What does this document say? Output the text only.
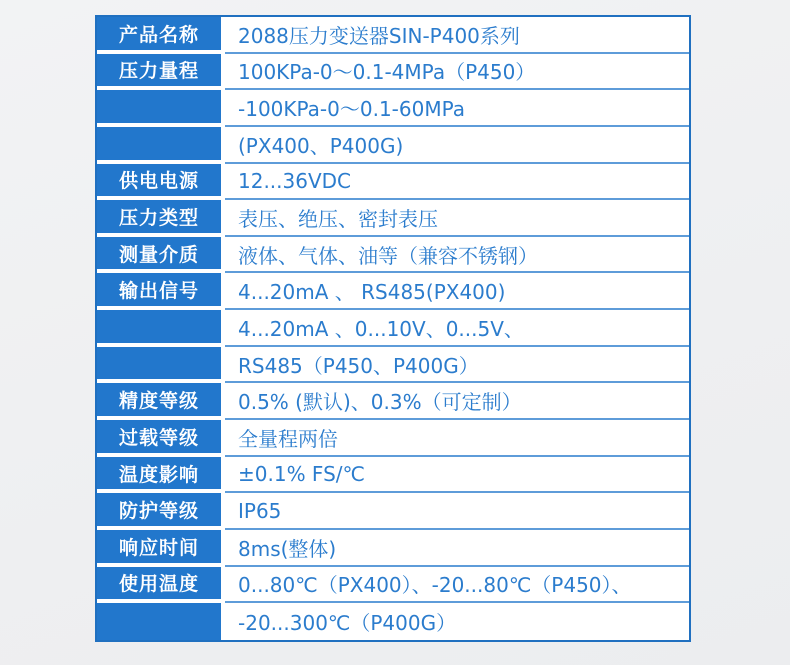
产品名称	2088压力变送器SIN-P400系列
压力量程	100KPa-0～0.1-4MPa（P450）
-100KPa-0～0.1-60MPa
(PX400、P400G)
供电电源	12...36VDC
压力类型	表压、绝压、密封表压
测量介质	液体、气体、油等（兼容不锈钢）
输出信号	4...20mA 、 RS485(PX400)
4...20mA 、0...10V、0...5V、
RS485（P450、P400G）
精度等级	0.5% (默认)、0.3%（可定制）
过载等级	全量程两倍
温度影响	±0.1% FS/℃
防护等级	IP65
响应时间	8ms(整体)
使用温度	0...80℃（PX400）、-20...80℃（P450）、
-20...300℃（P400G）
